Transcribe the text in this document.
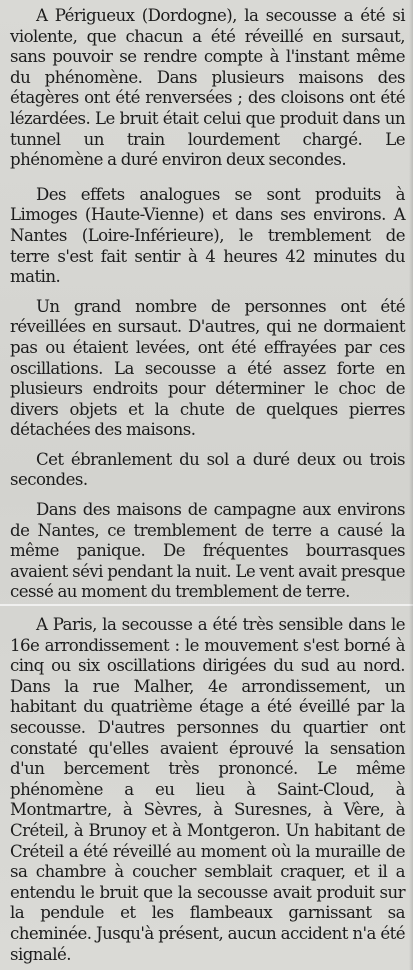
A Périgueux (Dordogne), la secousse a été si violente, que chacun a été réveillé en sursaut, sans pouvoir se rendre compte à l'instant même du phénomène. Dans plusieurs maisons des étagères ont été renversées ; des cloisons ont été lézardées. Le bruit était celui que produit dans un tunnel un train lourdement chargé. Le phénomène a duré environ deux secondes.

Des effets analogues se sont produits à Limoges (Haute-Vienne) et dans ses environs. A Nantes (Loire-Inférieure), le tremblement de terre s'est fait sentir à 4 heures 42 minutes du matin.

Un grand nombre de personnes ont été réveillées en sursaut. D'autres, qui ne dormaient pas ou étaient levées, ont été effrayées par ces oscillations. La secousse a été assez forte en plusieurs endroits pour déterminer le choc de divers objets et la chute de quelques pierres détachées des maisons.

Cet ébranlement du sol a duré deux ou trois secondes.

Dans des maisons de campagne aux environs de Nantes, ce tremblement de terre a causé la même panique. De fréquentes bourrasques avaient sévi pendant la nuit. Le vent avait presque cessé au moment du tremblement de terre.

A Paris, la secousse a été très sensible dans le 16e arrondissement : le mouvement s'est borné à cinq ou six oscillations dirigées du sud au nord. Dans la rue Malher, 4e arrondissement, un habitant du quatrième étage a été éveillé par la secousse. D'autres personnes du quartier ont constaté qu'elles avaient éprouvé la sensation d'un bercement très prononcé. Le même phénomène a eu lieu à Saint-Cloud, à Montmartre, à Sèvres, à Suresnes, à Vère, à Créteil, à Brunoy et à Montgeron. Un habitant de Créteil a été réveillé au moment où la muraille de sa chambre à coucher semblait craquer, et il a entendu le bruit que la secousse avait produit sur la pendule et les flambeaux garnissant sa cheminée. Jusqu'à présent, aucun accident n'a été signalé.
